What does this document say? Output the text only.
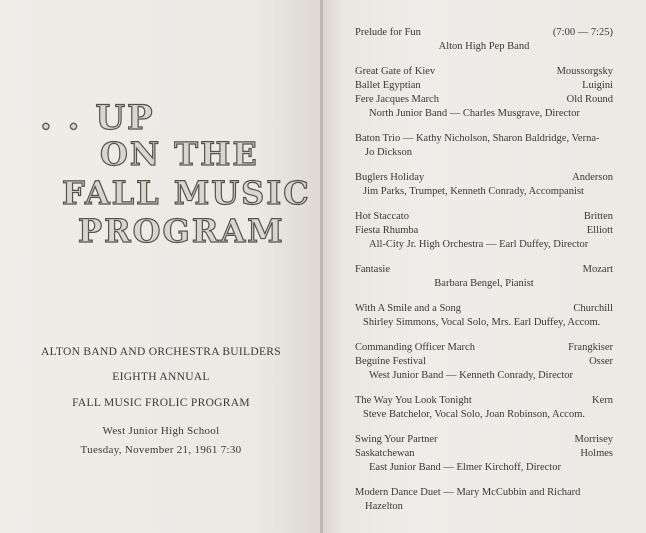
. . UP
ON THE
FALL MUSIC
PROGRAM
ALTON BAND AND ORCHESTRA BUILDERS
EIGHTH ANNUAL
FALL MUSIC FROLIC PROGRAM
West Junior High School
Tuesday, November 21, 1961 7:30
Prelude for Fun	(7:00 — 7:25)
Alton High Pep Band
Great Gate of Kiev	Moussorgsky
Ballet Egyptian	Luigini
Fere Jacques March	Old Round
North Junior Band — Charles Musgrave, Director
Baton Trio — Kathy Nicholson, Sharon Baldridge, Verna-
Jo Dickson
Buglers Holiday	Anderson
Jim Parks, Trumpet, Kenneth Conrady, Accompanist
Hot Staccato	Britten
Fiesta Rhumba	Elliott
All-City Jr. High Orchestra — Earl Duffey, Director
Fantasie	Mozart
Barbara Bengel, Pianist
With A Smile and a Song	Churchill
Shirley Simmons, Vocal Solo, Mrs. Earl Duffey, Accom.
Commanding Officer March	Frangkiser
Beguine Festival	Osser
West Junior Band — Kenneth Conrady, Director
The Way You Look Tonight	Kern
Steve Batchelor, Vocal Solo, Joan Robinson, Accom.
Swing Your Partner	Morrisey
Saskatchewan	Holmes
East Junior Band — Elmer Kirchoff, Director
Modern Dance Duet — Mary McCubbin and Richard
Hazelton
